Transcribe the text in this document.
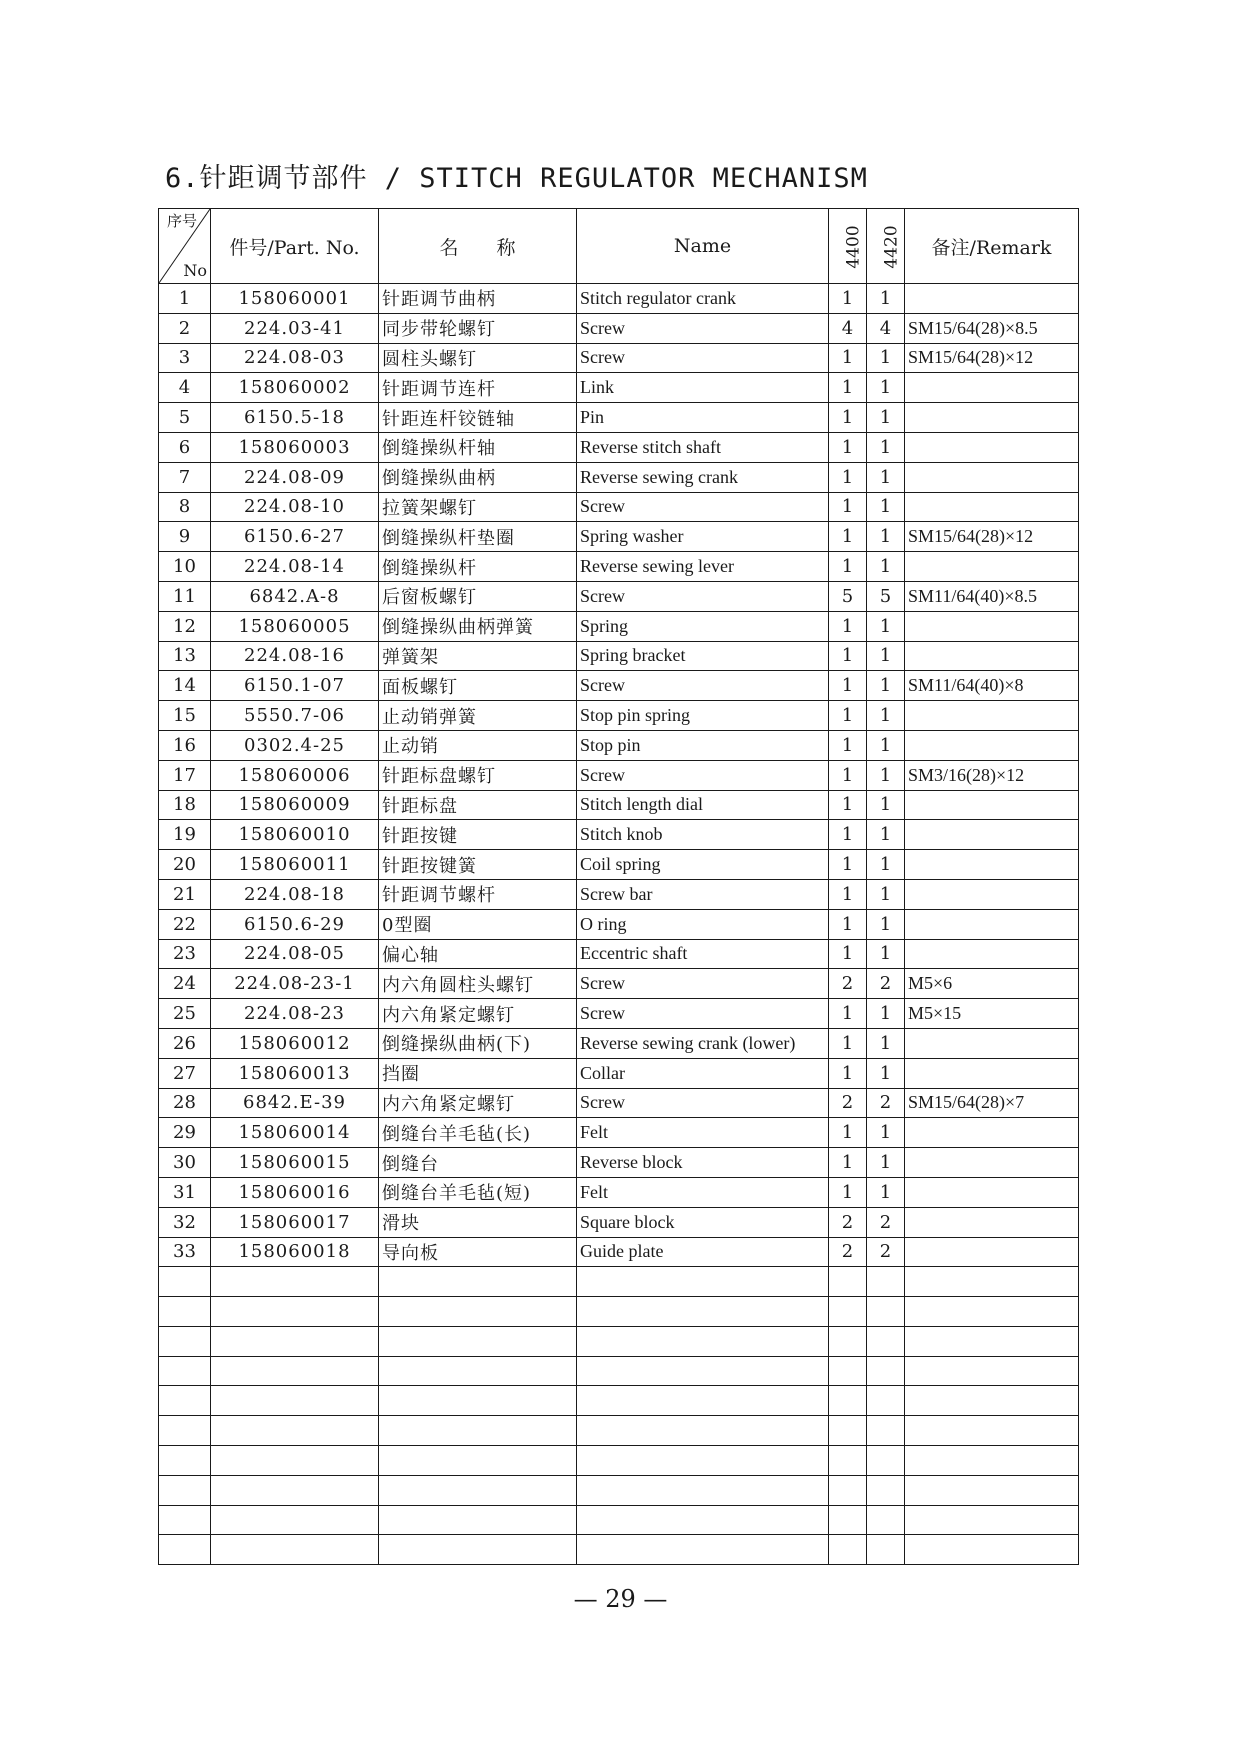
6.针距调节部件 / STITCH REGULATOR MECHANISM
序号
No	件号/Part. No.	名　　称	Name	4400	4420	备注/Remark
1	158060001	针距调节曲柄	Stitch regulator crank	1	1	
2	224.03-41	同步带轮螺钉	Screw	4	4	SM15/64(28)×8.5
3	224.08-03	圆柱头螺钉	Screw	1	1	SM15/64(28)×12
4	158060002	针距调节连杆	Link	1	1	
5	6150.5-18	针距连杆铰链轴	Pin	1	1	
6	158060003	倒缝操纵杆轴	Reverse stitch shaft	1	1	
7	224.08-09	倒缝操纵曲柄	Reverse sewing crank	1	1	
8	224.08-10	拉簧架螺钉	Screw	1	1	
9	6150.6-27	倒缝操纵杆垫圈	Spring washer	1	1	SM15/64(28)×12
10	224.08-14	倒缝操纵杆	Reverse sewing lever	1	1	
11	6842.A-8	后窗板螺钉	Screw	5	5	SM11/64(40)×8.5
12	158060005	倒缝操纵曲柄弹簧	Spring	1	1	
13	224.08-16	弹簧架	Spring bracket	1	1	
14	6150.1-07	面板螺钉	Screw	1	1	SM11/64(40)×8
15	5550.7-06	止动销弹簧	Stop pin spring	1	1	
16	0302.4-25	止动销	Stop pin	1	1	
17	158060006	针距标盘螺钉	Screw	1	1	SM3/16(28)×12
18	158060009	针距标盘	Stitch length dial	1	1	
19	158060010	针距按键	Stitch knob	1	1	
20	158060011	针距按键簧	Coil spring	1	1	
21	224.08-18	针距调节螺杆	Screw bar	1	1	
22	6150.6-29	0型圈	O ring	1	1	
23	224.08-05	偏心轴	Eccentric shaft	1	1	
24	224.08-23-1	内六角圆柱头螺钉	Screw	2	2	M5×6
25	224.08-23	内六角紧定螺钉	Screw	1	1	M5×15
26	158060012	倒缝操纵曲柄(下)	Reverse sewing crank (lower)	1	1	
27	158060013	挡圈	Collar	1	1	
28	6842.E-39	内六角紧定螺钉	Screw	2	2	SM15/64(28)×7
29	158060014	倒缝台羊毛毡(长)	Felt	1	1	
30	158060015	倒缝台	Reverse block	1	1	
31	158060016	倒缝台羊毛毡(短)	Felt	1	1	
32	158060017	滑块	Square block	2	2	
33	158060018	导向板	Guide plate	2	2	

— 29 —
